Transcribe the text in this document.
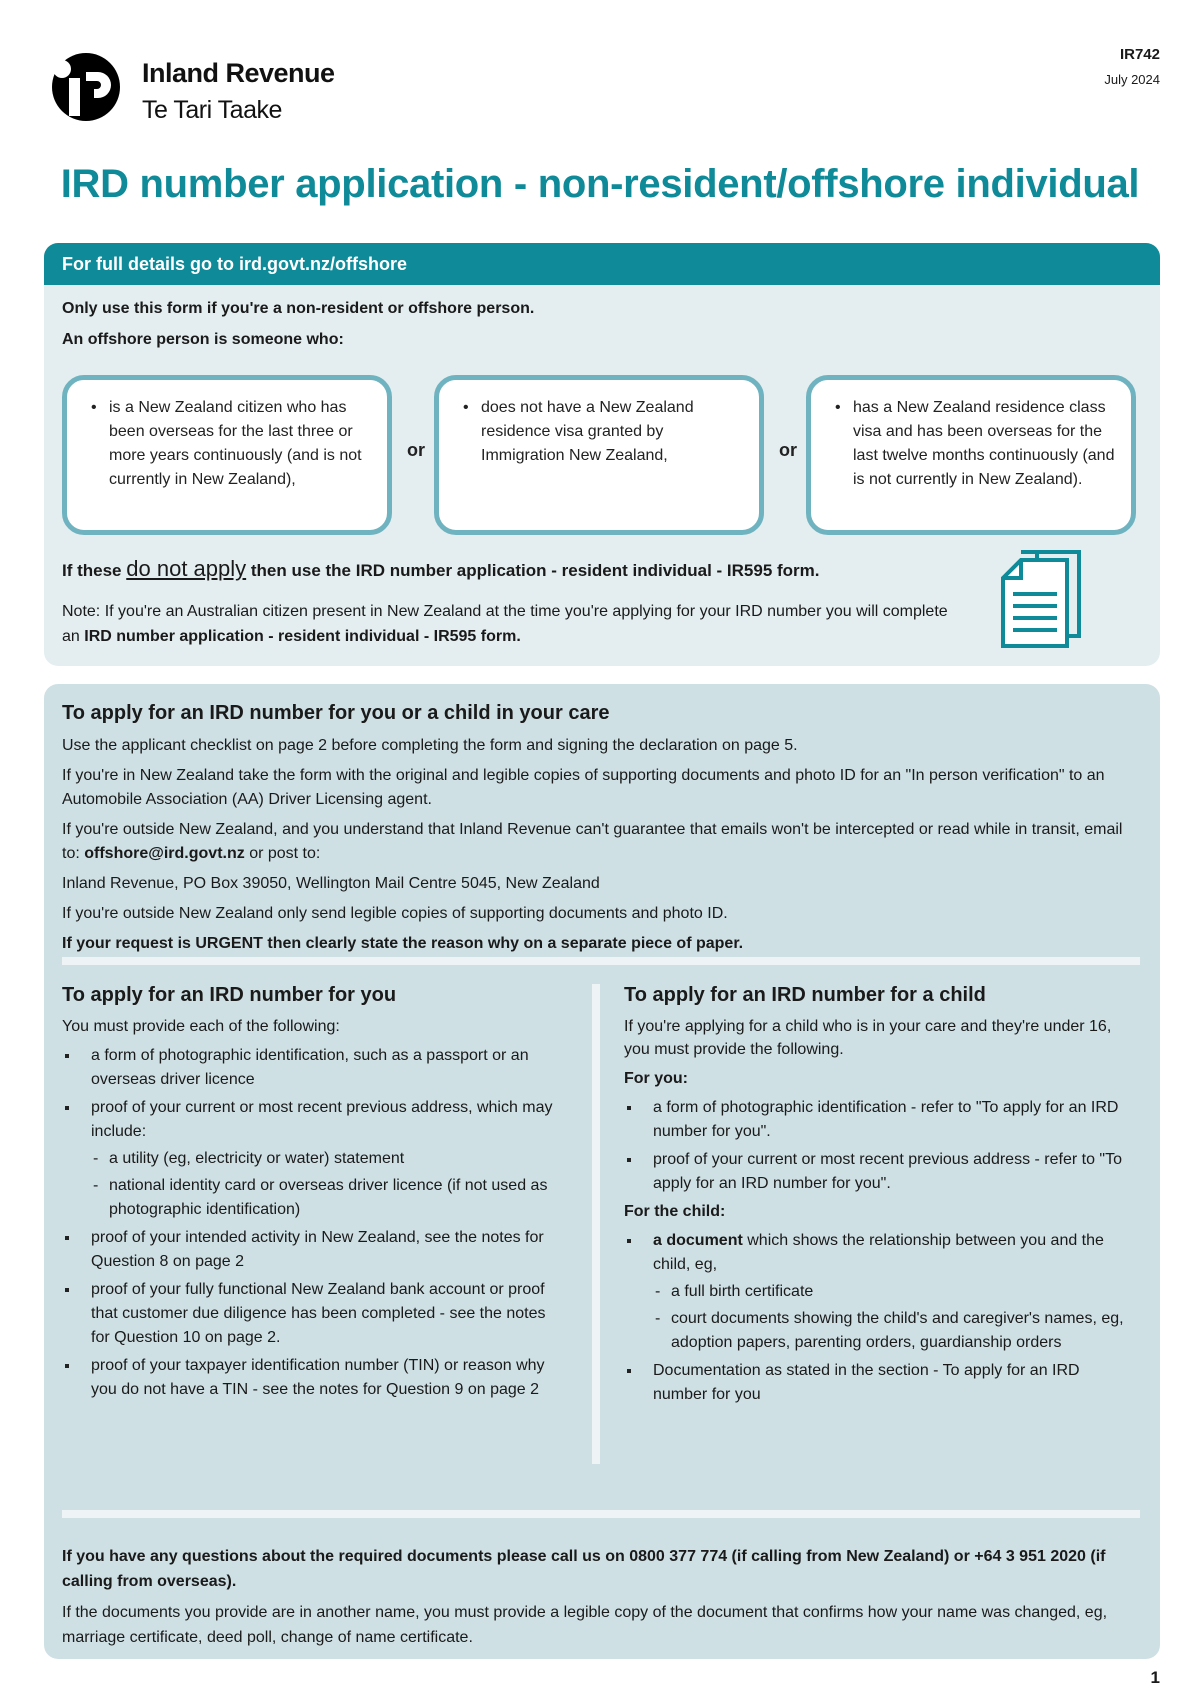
Inland Revenue
Te Tari Taake
IR742
July 2024
IRD number application - non-resident/offshore individual
For full details go to ird.govt.nz/offshore
Only use this form if you're a non-resident or offshore person.
An offshore person is someone who:
• is a New Zealand citizen who has been overseas for the last three or more years continuously (and is not currently in New Zealand),
or
• does not have a New Zealand residence visa granted by Immigration New Zealand,	or
• has a New Zealand residence class visa and has been overseas for the last twelve months continuously (and is not currently in New Zealand).
If these do not apply then use the IRD number application - resident individual - IR595 form.
Note: If you're an Australian citizen present in New Zealand at the time you're applying for your IRD number you will complete an IRD number application - resident individual - IR595 form.
To apply for an IRD number for you or a child in your care

Use the applicant checklist on page 2 before completing the form and signing the declaration on page 5.

If you're in New Zealand take the form with the original and legible copies of supporting documents and photo ID for an "In person verification" to an Automobile Association (AA) Driver Licensing agent.

If you're outside New Zealand, and you understand that Inland Revenue can't guarantee that emails won't be intercepted or read while in transit, email to: offshore@ird.govt.nz or post to:

Inland Revenue, PO Box 39050, Wellington Mail Centre 5045, New Zealand

If you're outside New Zealand only send legible copies of supporting documents and photo ID.

If your request is URGENT then clearly state the reason why on a separate piece of paper.

To apply for an IRD number for you

You must provide each of the following:

a form of photographic identification, such as a passport or an overseas driver licence
proof of your current or most recent previous address, which may include:
- a utility (eg, electricity or water) statement
- national identity card or overseas driver licence (if not used as photographic identification)
proof of your intended activity in New Zealand, see the notes for Question 8 on page 2
proof of your fully functional New Zealand bank account or proof that customer due diligence has been completed - see the notes for Question 10 on page 2.
proof of your taxpayer identification number (TIN) or reason why you do not have a TIN - see the notes for Question 9 on page 2
To apply for an IRD number for a child

If you're applying for a child who is in your care and they're under 16, you must provide the following.

For you:

a form of photographic identification - refer to "To apply for an IRD number for you".
proof of your current or most recent previous address - refer to "To apply for an IRD number for you".

For the child:

a document which shows the relationship between you and the child, eg,
- a full birth certificate
- court documents showing the child's and caregiver's names, eg, adoption papers, parenting orders, guardianship orders
Documentation as stated in the section - To apply for an IRD number for you

If you have any questions about the required documents please call us on 0800 377 774 (if calling from New Zealand) or +64 3 951 2020 (if calling from overseas).

If the documents you provide are in another name, you must provide a legible copy of the document that confirms how your name was changed, eg, marriage certificate, deed poll, change of name certificate.

1
